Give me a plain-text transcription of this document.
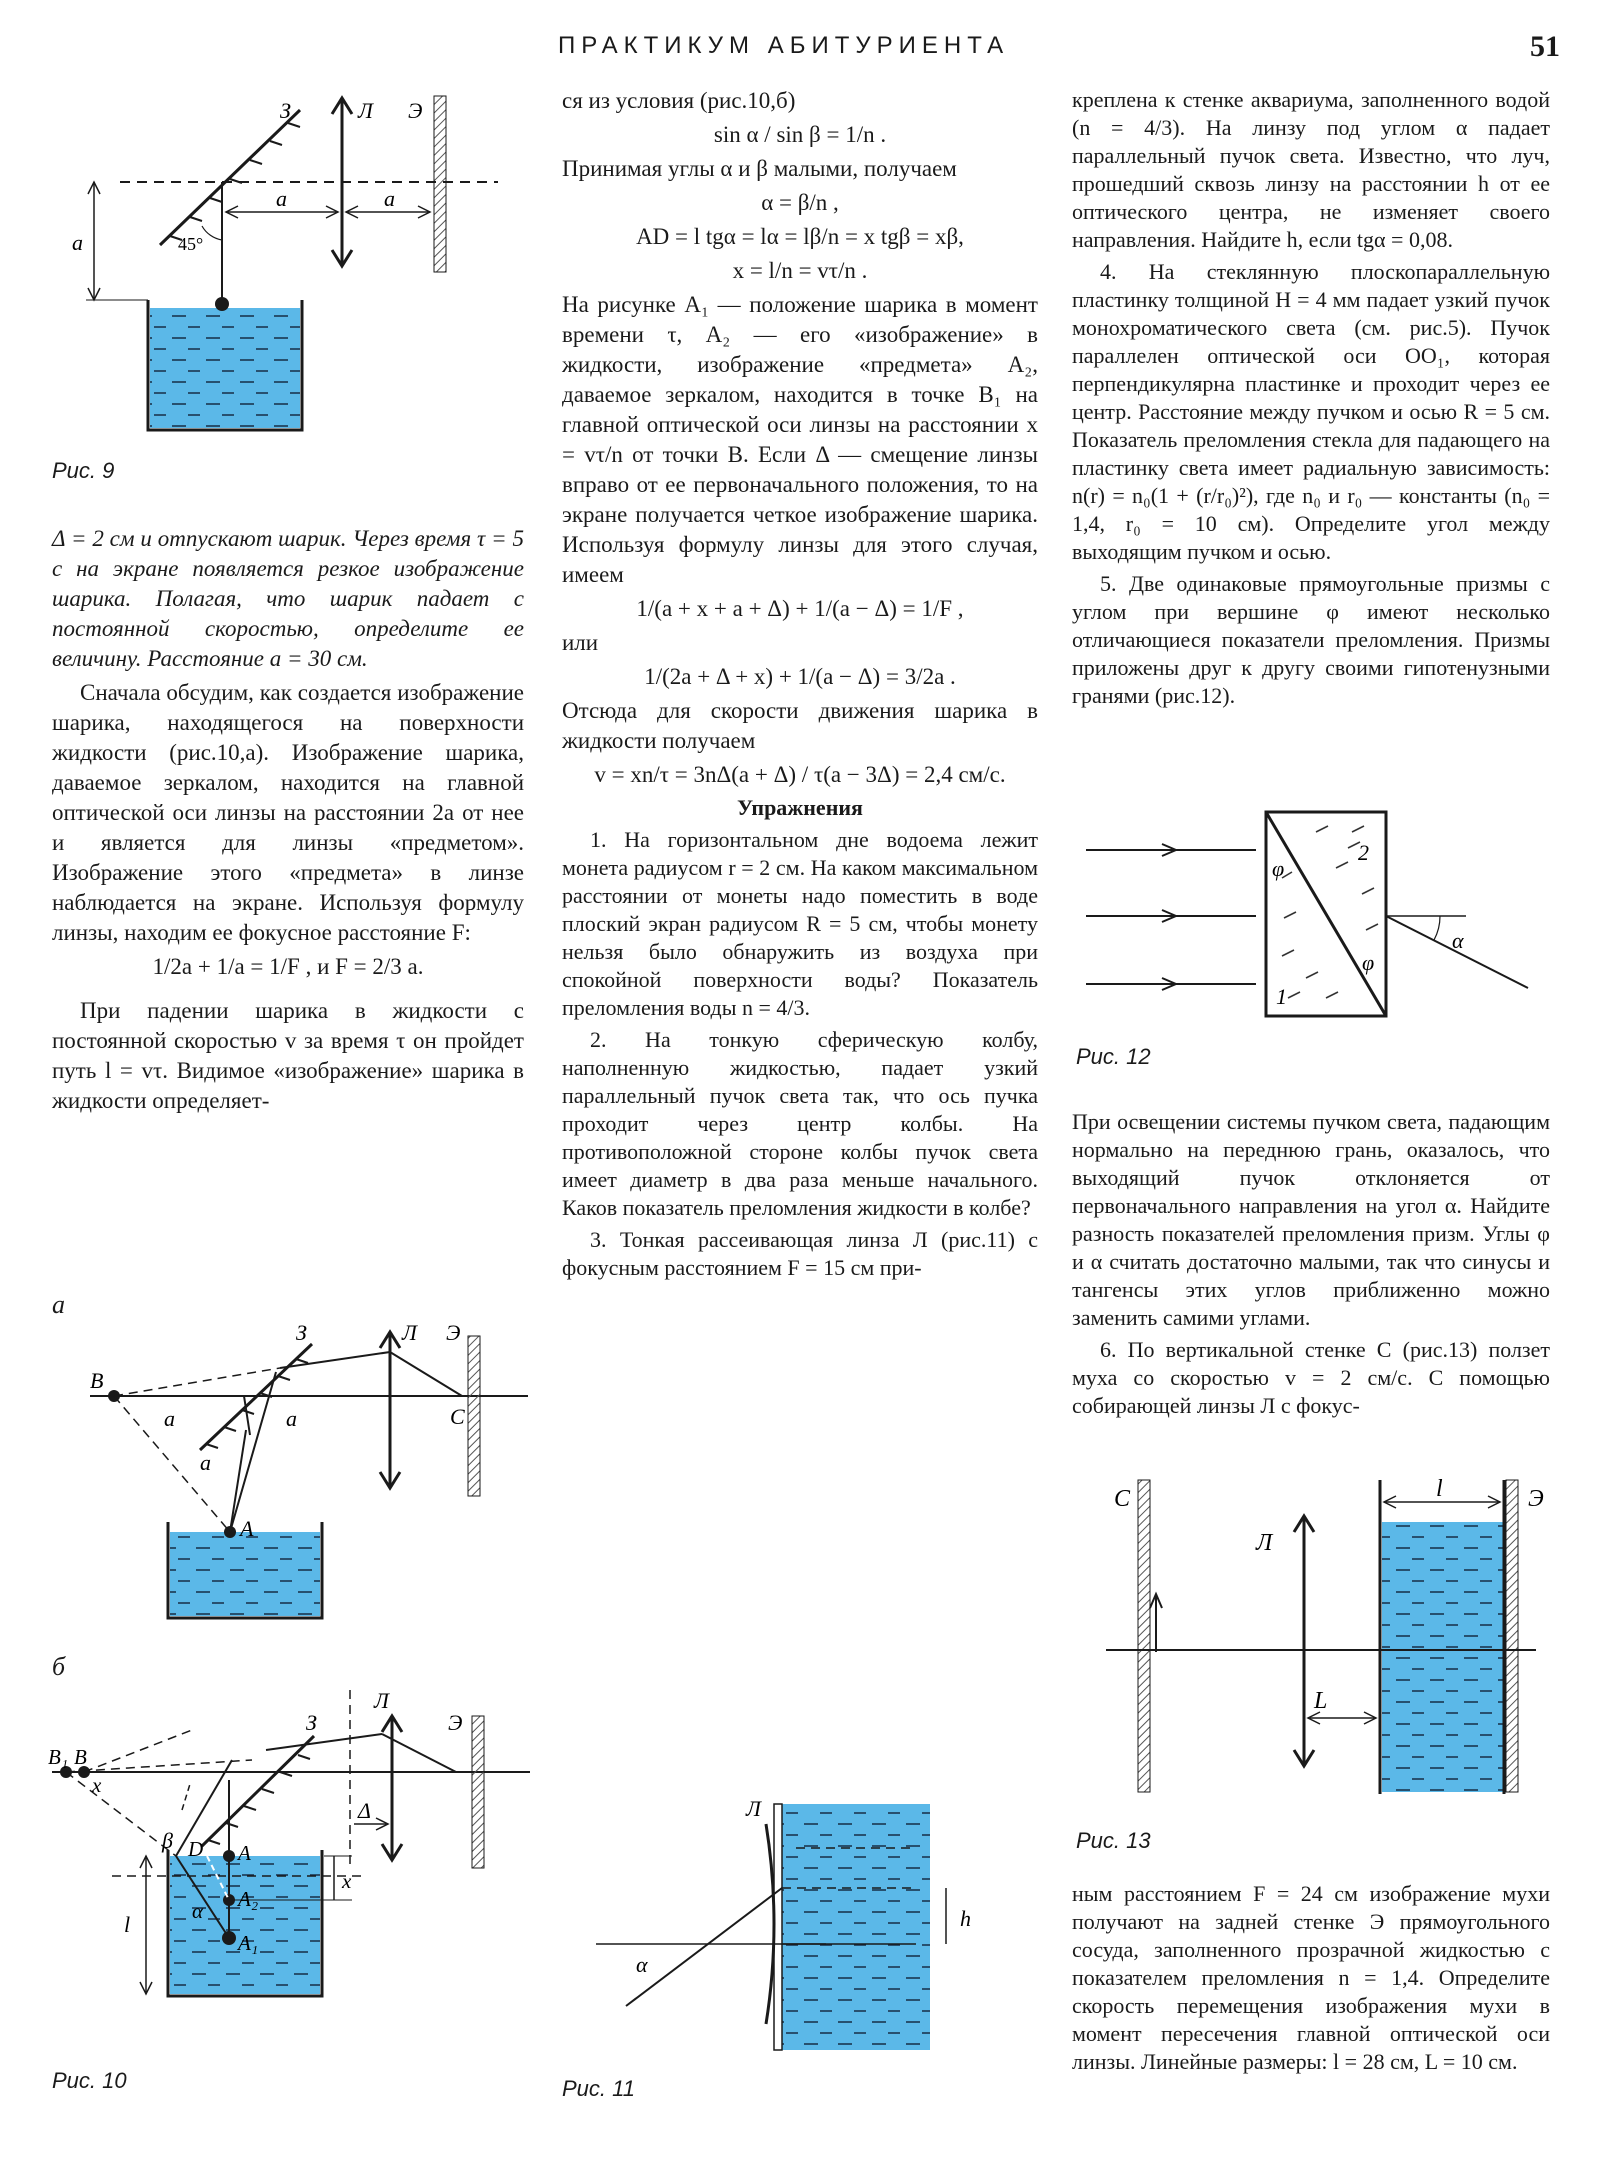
ПРАКТИКУМ АБИТУРИЕНТА	51
З	Л Э
a
a	a
45°
Рис. 9

Δ = 2 см и отпускают шарик. Через время τ = 5 с на экране появляется резкое изображение шарика. Полагая, что шарик падает с постоянной скоростью, определите ее величину. Расстояние a = 30 см.

Сначала обсудим, как создается изображение шарика, находящегося на поверхности жидкости (рис.10,а). Изображение шарика, даваемое зеркалом, находится на главной оптической оси линзы на расстоянии 2a от нее и является для линзы «предметом». Изображение этого «предмета» в линзе наблюдается на экране. Используя формулу линзы, находим ее фокусное расстояние F:

1/2a + 1/a = 1/F , и F = 2/3 a.

При падении шарика в жидкости с постоянной скоростью v за время τ он пройдет путь l = vτ. Видимое «изображение» шарика в жидкости определяет-

а
B
З	Л Э
C
A
a	a
a
б
B₁ B
x
З
Л
Э
Δ
β D A
α A₂
A₁
l
x
Рис. 10

ся из условия (рис.10,б)

sin α / sin β = 1/n .

Принимая углы α и β малыми, получаем

α = β/n ,

AD = l tgα = lα = lβ/n = x tgβ = xβ,

x = l/n = vτ/n .

На рисунке A₁ — положение шарика в момент времени τ, A₂ — его «изображение» в жидкости, изображение «предмета» A₂, даваемое зеркалом, находится в точке B₁ на главной оптической оси линзы на расстоянии x = vτ/n от точки B. Если Δ — смещение линзы вправо от ее первоначального положения, то на экране получается четкое изображение шарика. Используя формулу линзы для этого случая, имеем

1/(a + x + a + Δ) + 1/(a − Δ) = 1/F ,

или

1/(2a + Δ + x) + 1/(a − Δ) = 3/2a .

Отсюда для скорости движения шарика в жидкости получаем

v = xn/τ = 3nΔ(a + Δ) / τ(a − 3Δ) = 2,4 см/с.

Упражнения

1. На горизонтальном дне водоема лежит монета радиусом r = 2 см. На каком максимальном расстоянии от монеты надо поместить в воде плоский экран радиусом R = 5 см, чтобы монету нельзя было обнаружить из воздуха при спокойной поверхности воды? Показатель преломления воды n = 4/3.

2. На тонкую сферическую колбу, наполненную жидкостью, падает узкий параллельный пучок света так, что ось пучка проходит через центр колбы. На противоположной стороне колбы пучок света имеет диаметр в два раза меньше начального. Каков показатель преломления жидкости в колбе?

3. Тонкая рассеивающая линза Л (рис.11) с фокусным расстоянием F = 15 см при-

Л
h
α
Рис. 11

креплена к стенке аквариума, заполненного водой (n = 4/3). На линзу под углом α падает параллельный пучок света. Известно, что луч, прошедший сквозь линзу на расстоянии h от ее оптического центра, не изменяет своего направления. Найдите h, если tgα = 0,08.

4. На стеклянную плоскопараллельную пластинку толщиной H = 4 мм падает узкий пучок монохроматического света (см. рис.5). Пучок параллелен оптической оси OO₁, которая перпендикулярна пластинке и проходит через ее центр. Расстояние между пучком и осью R = 5 см. Показатель преломления стекла для падающего на пластинку света имеет радиальную зависимость: n(r) = n₀(1 + (r/r₀)²), где n₀ и r₀ — константы (n₀ = 1,4, r₀ = 10 см). Определите угол между выходящим пучком и осью.

5. Две одинаковые прямоугольные призмы с углом при вершине φ имеют несколько отличающиеся показатели преломления. Призмы приложены друг к другу своими гипотенузными гранями (рис.12).

φ
φ
1
2
α
Рис. 12

При освещении системы пучком света, падающим нормально на переднюю грань, оказалось, что выходящий пучок отклоняется от первоначального направления на угол α. Найдите разность показателей преломления призм. Углы φ и α считать достаточно малыми, так что синусы и тангенсы этих углов приближенно можно заменить самими углами.

6. По вертикальной стенке C (рис.13) ползет муха со скоростью v = 2 см/с. С помощью собирающей линзы Л с фокус-

C
Л
l	Э
L
Рис. 13

ным расстоянием F = 24 см изображение мухи получают на задней стенке Э прямоугольного сосуда, заполненного прозрачной жидкостью с показателем преломления n = 1,4. Определите скорость перемещения изображения мухи в момент пересечения главной оптической оси линзы. Линейные размеры: l = 28 см, L = 10 см.
